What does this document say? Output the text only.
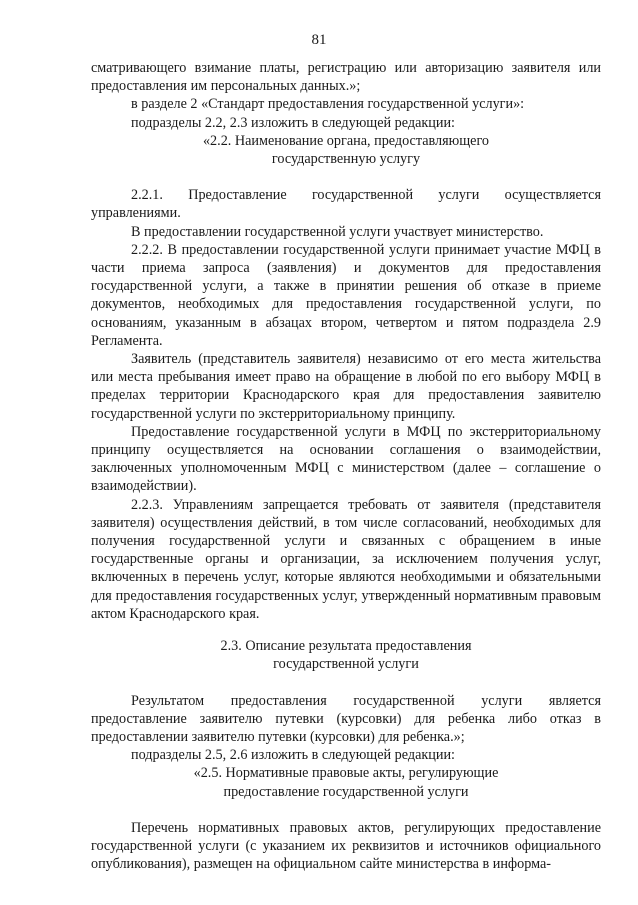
81

сматривающего взимание платы, регистрацию или авторизацию заявителя или предоставления им персональных данных.»;

в разделе 2 «Стандарт предоставления государственной услуги»:

подразделы 2.2, 2.3 изложить в следующей редакции:

«2.2. Наименование органа, предоставляющего

государственную услугу

2.2.1. Предоставление государственной услуги осуществляется управлениями.

В предоставлении государственной услуги участвует министерство.

2.2.2. В предоставлении государственной услуги принимает участие МФЦ в части приема запроса (заявления) и документов для предоставления государственной услуги, а также в принятии решения об отказе в приеме документов, необходимых для предоставления государственной услуги, по основаниям, указанным в абзацах втором, четвертом и пятом подраздела 2.9 Регламента.

Заявитель (представитель заявителя) независимо от его места жительства или места пребывания имеет право на обращение в любой по его выбору МФЦ в пределах территории Краснодарского края для предоставления заявителю государственной услуги по экстерриториальному принципу.

Предоставление государственной услуги в МФЦ по экстерриториальному принципу осуществляется на основании соглашения о взаимодействии, заключенных уполномоченным МФЦ с министерством (далее – соглашение о взаимодействии).

2.2.3. Управлениям запрещается требовать от заявителя (представителя заявителя) осуществления действий, в том числе согласований, необходимых для получения государственной услуги и связанных с обращением в иные государственные органы и организации, за исключением получения услуг, включенных в перечень услуг, которые являются необходимыми и обязательными для предоставления государственных услуг, утвержденный нормативным правовым актом Краснодарского края.

2.3. Описание результата предоставления

государственной услуги

Результатом предоставления государственной услуги является предоставление заявителю путевки (курсовки) для ребенка либо отказ в предоставлении заявителю путевки (курсовки) для ребенка.»;

подразделы 2.5, 2.6 изложить в следующей редакции:

«2.5. Нормативные правовые акты, регулирующие

предоставление государственной услуги

Перечень нормативных правовых актов, регулирующих предоставление государственной услуги (с указанием их реквизитов и источников официального опубликования), размещен на официальном сайте министерства в информа-
